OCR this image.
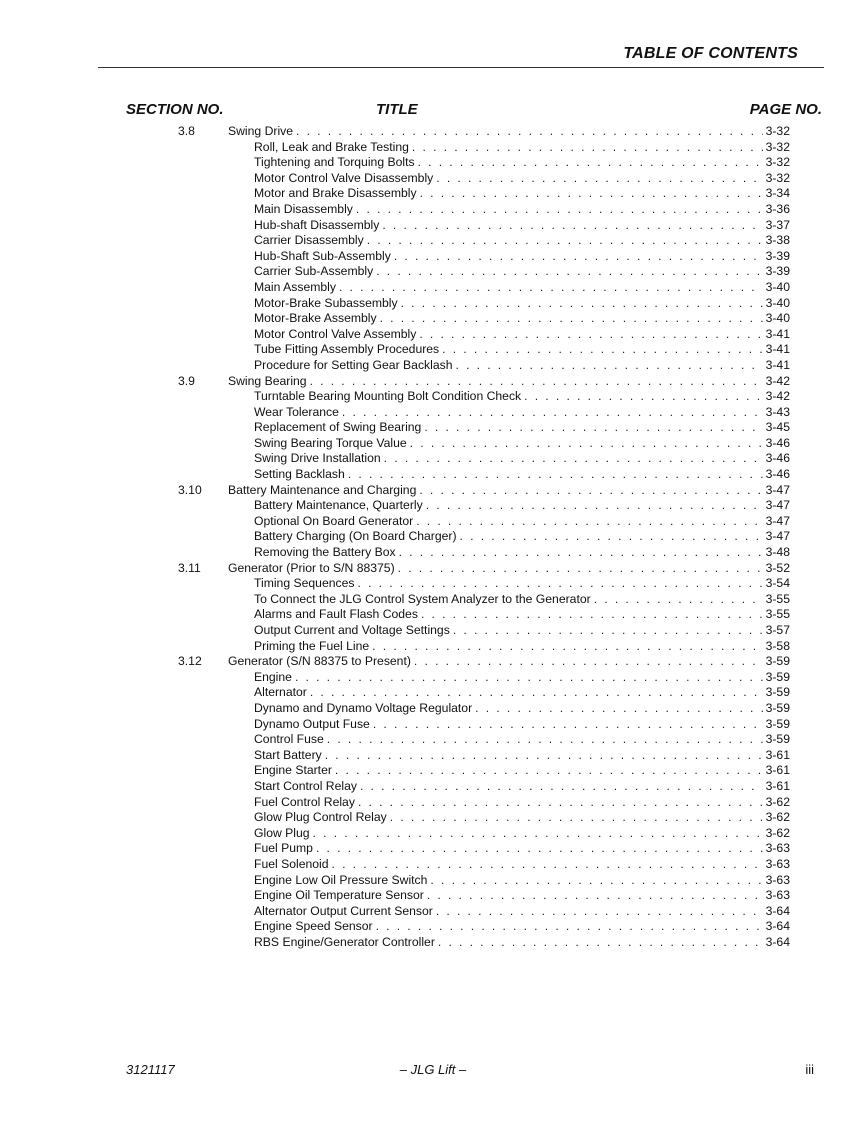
TABLE OF CONTENTS
SECTION NO.	TITLE	PAGE NO.
3.8	Swing Drive . . .	3-32
Roll, Leak and Brake Testing . . .	3-32
Tightening and Torquing Bolts . . .	3-32
Motor Control Valve Disassembly . . .	3-32
Motor and Brake Disassembly . . .	3-34
Main Disassembly . . .	3-36
Hub-shaft Disassembly . . .	3-37
Carrier Disassembly . . .	3-38
Hub-Shaft Sub-Assembly . . .	3-39
Carrier Sub-Assembly . . .	3-39
Main Assembly . . .	3-40
Motor-Brake Subassembly . . .	3-40
Motor-Brake Assembly . . .	3-40
Motor Control Valve Assembly . . .	3-41
Tube Fitting Assembly Procedures . . .	3-41
Procedure for Setting Gear Backlash . . .	3-41
3.9	Swing Bearing . . .	3-42
Turntable Bearing Mounting Bolt Condition Check . . .	3-42
Wear Tolerance . . .	3-43
Replacement of Swing Bearing . . .	3-45
Swing Bearing Torque Value . . .	3-46
Swing Drive Installation . . .	3-46
Setting Backlash . . .	3-46
3.10 Battery Maintenance and Charging . . .	3-47
Battery Maintenance, Quarterly . . .	3-47
Optional On Board Generator . . .	3-47
Battery Charging (On Board Charger) . . .	3-47
Removing the Battery Box . . .	3-48
3.11 Generator (Prior to S/N 88375) . . .	3-52
Timing Sequences . . .	3-54
To Connect the JLG Control System Analyzer to the Generator . . .	3-55
Alarms and Fault Flash Codes . . .	3-55
Output Current and Voltage Settings . . .	3-57
Priming the Fuel Line . . .	3-58
3.12 Generator (S/N 88375 to Present) . . .	3-59
Engine . . .	3-59
Alternator . . .	3-59
Dynamo and Dynamo Voltage Regulator . . .	3-59
Dynamo Output Fuse . . .	3-59
Control Fuse . . .	3-59
Start Battery . . .	3-61
Engine Starter . . .	3-61
Start Control Relay . . .	3-61
Fuel Control Relay . . .	3-62
Glow Plug Control Relay . . .	3-62
Glow Plug . . .	3-62
Fuel Pump . . .	3-63
Fuel Solenoid . . .	3-63
Engine Low Oil Pressure Switch . . .	3-63
Engine Oil Temperature Sensor . . .	3-63
Alternator Output Current Sensor . . .	3-64
Engine Speed Sensor . . .	3-64
RBS Engine/Generator Controller . . .	3-64
3121117	– JLG Lift –	iii
